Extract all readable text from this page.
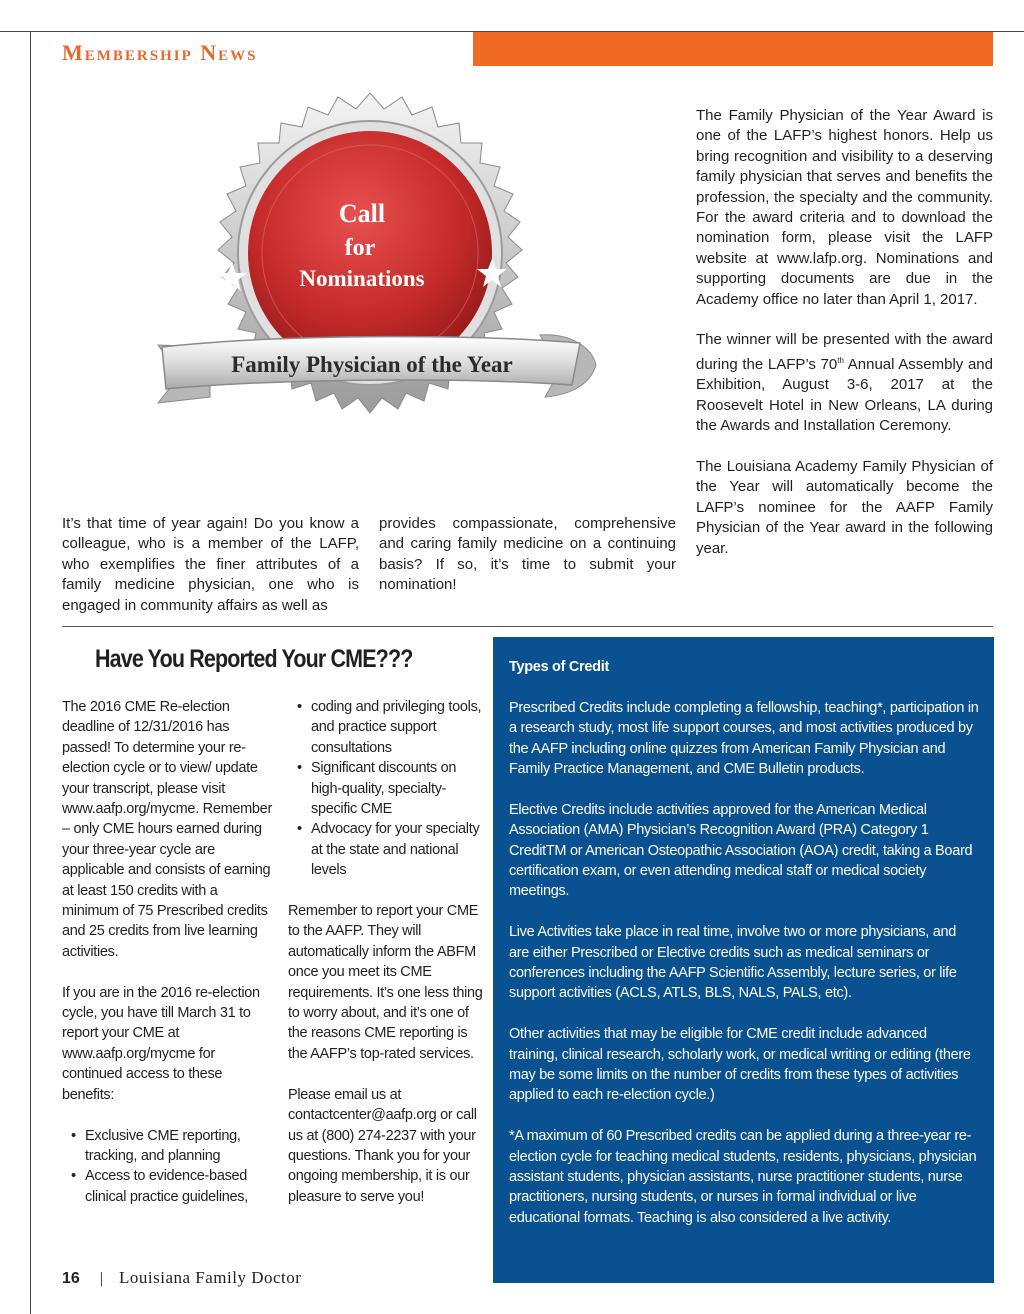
Membership News
Call
for
Nominations
Family Physician of the Year

The Family Physician of the Year Award is one of the LAFP’s highest honors. Help us bring recognition and visibility to a deserving family physician that serves and benefits the profession, the specialty and the community. For the award criteria and to download the nomination form, please visit the LAFP website at www.lafp.org. Nominations and supporting documents are due in the Academy office no later than April 1, 2017.

The winner will be presented with the award during the LAFP’s 70th Annual Assembly and Exhibition, August 3-6, 2017 at the Roosevelt Hotel in New Orleans, LA during the Awards and Installation Ceremony.

The Louisiana Academy Family Physician of the Year will automatically become the LAFP’s nominee for the AAFP Family Physician of the Year award in the following year.

It’s that time of year again! Do you know a colleague, who is a member of the LAFP, who exemplifies the finer attributes of a family medicine physician, one who is engaged in community affairs as well as

provides compassionate, comprehensive and caring family medicine on a continuing basis? If so, it’s time to submit your nomination!

Have You Reported Your CME???

The 2016 CME Re-election deadline of 12/31/2016 has passed! To determine your re-election cycle or to view/ update your transcript, please visit www.aafp.org/mycme. Remember – only CME hours earned during your three-year cycle are applicable and consists of earning at least 150 credits with a minimum of 75 Prescribed credits and 25 credits from live learning activities.

If you are in the 2016 re-election cycle, you have till March 31 to report your CME at www.aafp.org/mycme for continued access to these benefits:

• Exclusive CME reporting, tracking, and planning
• Access to evidence-based clinical practice guidelines,
• coding and privileging tools, and practice support consultations
• Significant discounts on high-quality, specialty-specific CME
• Advocacy for your specialty at the state and national levels

Remember to report your CME to the AAFP. They will automatically inform the ABFM once you meet its CME requirements. It’s one less thing to worry about, and it’s one of the reasons CME reporting is the AAFP’s top-rated services.

Please email us at contactcenter@aafp.org or call us at (800) 274-2237 with your questions. Thank you for your ongoing membership, it is our pleasure to serve you!

Types of Credit

Prescribed Credits include completing a fellowship, teaching*, participation in a research study, most life support courses, and most activities produced by the AAFP including online quizzes from American Family Physician and Family Practice Management, and CME Bulletin products.

Elective Credits include activities approved for the American Medical Association (AMA) Physician’s Recognition Award (PRA) Category 1 CreditTM or American Osteopathic Association (AOA) credit, taking a Board certification exam, or even attending medical staff or medical society meetings.

Live Activities take place in real time, involve two or more physicians, and are either Prescribed or Elective credits such as medical seminars or conferences including the AAFP Scientific Assembly, lecture series, or life support activities (ACLS, ATLS, BLS, NALS, PALS, etc).

Other activities that may be eligible for CME credit include advanced training, clinical research, scholarly work, or medical writing or editing (there may be some limits on the number of credits from these types of activities applied to each re-election cycle.)

*A maximum of 60 Prescribed credits can be applied during a three-year re-election cycle for teaching medical students, residents, physicians, physician assistant students, physician assistants, nurse practitioner students, nurse practitioners, nursing students, or nurses in formal individual or live educational formats. Teaching is also considered a live activity.

16 | Louisiana Family Doctor
